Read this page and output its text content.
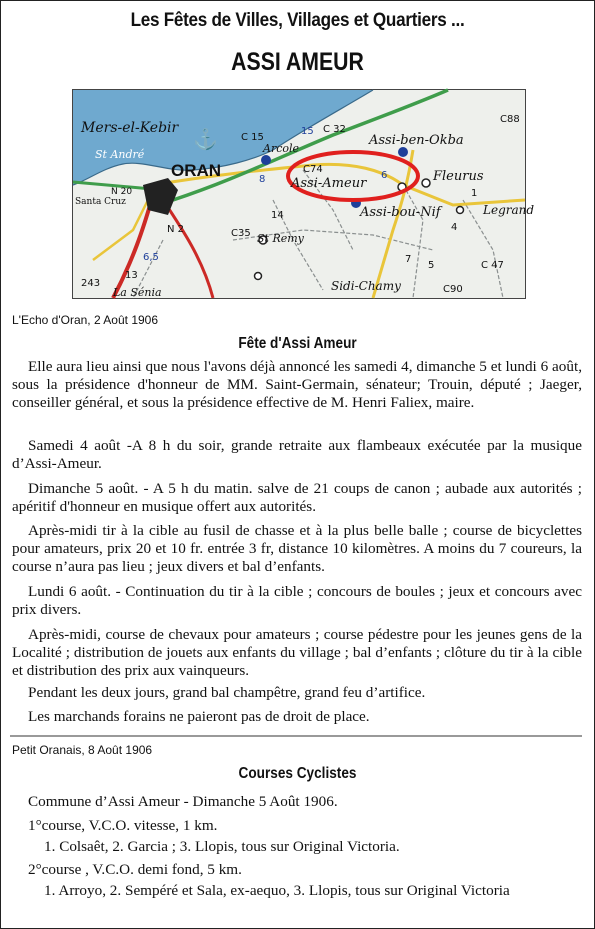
Les Fêtes de Villes, Villages et Quartiers ...
ASSI AMEUR
⚓
Mers-el-Kebir
St André
ORAN
Arcole
Assi-ben-Okba
Fleurus
Assi-Ameur
Assi-bou-Nif	Legrand
St Remy
Sidi-Chamy
La Sénia
Santa Cruz
C 15
C 32
C88
C35
C90
C 47
C74
15
6
8
6,5
243
13
4
5
14
7
1
N 20
N 2
L'Echo d'Oran, 2 Août 1906
Fête d'Assi Ameur
Elle aura lieu ainsi que nous l'avons déjà annoncé les samedi 4, dimanche 5 et lundi 6 août, sous la présidence d'honneur de MM. Saint-Germain, sénateur; Trouin, député ; Jaeger, conseiller général, et sous la présidence effective de M. Henri Faliex, maire.
Samedi 4 août -A 8 h du soir, grande retraite aux flambeaux exécutée par la musique d’Assi-Ameur.
Dimanche 5 août. - A 5 h du matin. salve de 21 coups de canon ; aubade aux autorités ; apéritif d'honneur en musique offert aux autorités.
Après-midi tir à la cible au fusil de chasse et à la plus belle balle ; course de bicyclettes pour amateurs, prix 20 et 10 fr. entrée 3 fr, distance 10 kilomètres. A moins du 7 coureurs, la course n’aura pas lieu ; jeux divers et bal d’enfants.
Lundi 6 août. - Continuation du tir à la cible ; concours de boules ; jeux et concours avec prix divers.
Après-midi, course de chevaux pour amateurs ; course pédestre pour les jeunes gens de la Localité ; distribution de jouets aux enfants du village ; bal d’enfants ; clôture du tir à la cible et distribution des prix aux vainqueurs.
Pendant les deux jours, grand bal champêtre, grand feu d’artifice.
Les marchands forains ne paieront pas de droit de place.
Petit Oranais, 8 Août 1906
Courses Cyclistes
Commune d’Assi Ameur - Dimanche 5 Août 1906.
1°course, V.C.O. vitesse, 1 km.
1. Colsaêt, 2. Garcia ; 3. Llopis, tous sur Original Victoria.
2°course , V.C.O. demi fond, 5 km.
1. Arroyo, 2. Sempéré et Sala, ex-aequo, 3. Llopis, tous sur Original Victoria
